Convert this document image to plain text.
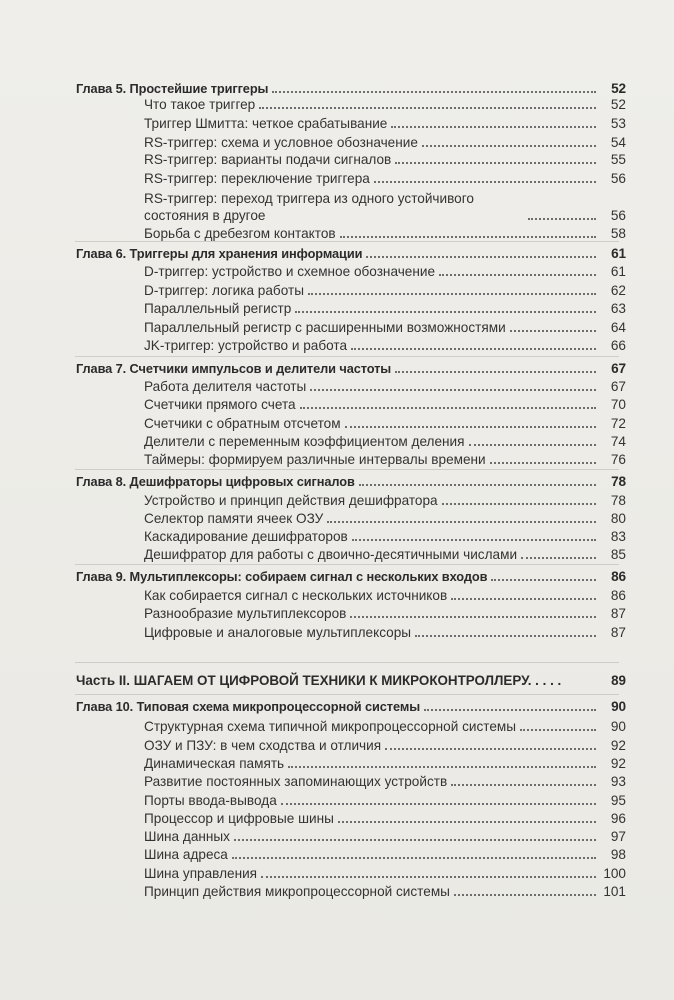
Глава 5. Простейшие триггеры	52
Что такое триггер	52
Триггер Шмитта: четкое срабатывание	53
RS-триггер: схема и условное обозначение	54
RS-триггер: варианты подачи сигналов	55
RS-триггер: переключение триггера	56
RS-триггер: переход триггера из одного устойчивого состояния в другое	56
Борьба с дребезгом контактов	58
Глава 6. Триггеры для хранения информации	61
D-триггер: устройство и схемное обозначение	61
D-триггер: логика работы	62
Параллельный регистр	63
Параллельный регистр с расширенными возможностями	64
JK-триггер: устройство и работа	66
Глава 7. Счетчики импульсов и делители частоты	67
Работа делителя частоты	67
Счетчики прямого счета	70
Счетчики с обратным отсчетом	72
Делители с переменным коэффициентом деления	74
Таймеры: формируем различные интервалы времени	76
Глава 8. Дешифраторы цифровых сигналов	78
Устройство и принцип действия дешифратора	78
Селектор памяти ячеек ОЗУ	80
Каскадирование дешифраторов	83
Дешифратор для работы с двоично-десятичными числами	85
Глава 9. Мультиплексоры: собираем сигнал с нескольких входов	86
Как собирается сигнал с нескольких источников	86
Разнообразие мультиплексоров	87
Цифровые и аналоговые мультиплексоры	87
Часть II. ШАГАЕМ ОТ ЦИФРОВОЙ ТЕХНИКИ К МИКРОКОНТРОЛЛЕРУ. . . . .	89
Глава 10. Типовая схема микропроцессорной системы	90
Структурная схема типичной микропроцессорной системы	90
ОЗУ и ПЗУ: в чем сходства и отличия	92
Динамическая память	92
Развитие постоянных запоминающих устройств	93
Порты ввода-вывода	95
Процессор и цифровые шины	96
Шина данных	97
Шина адреса	98
Шина управления	100
Принцип действия микропроцессорной системы	101
